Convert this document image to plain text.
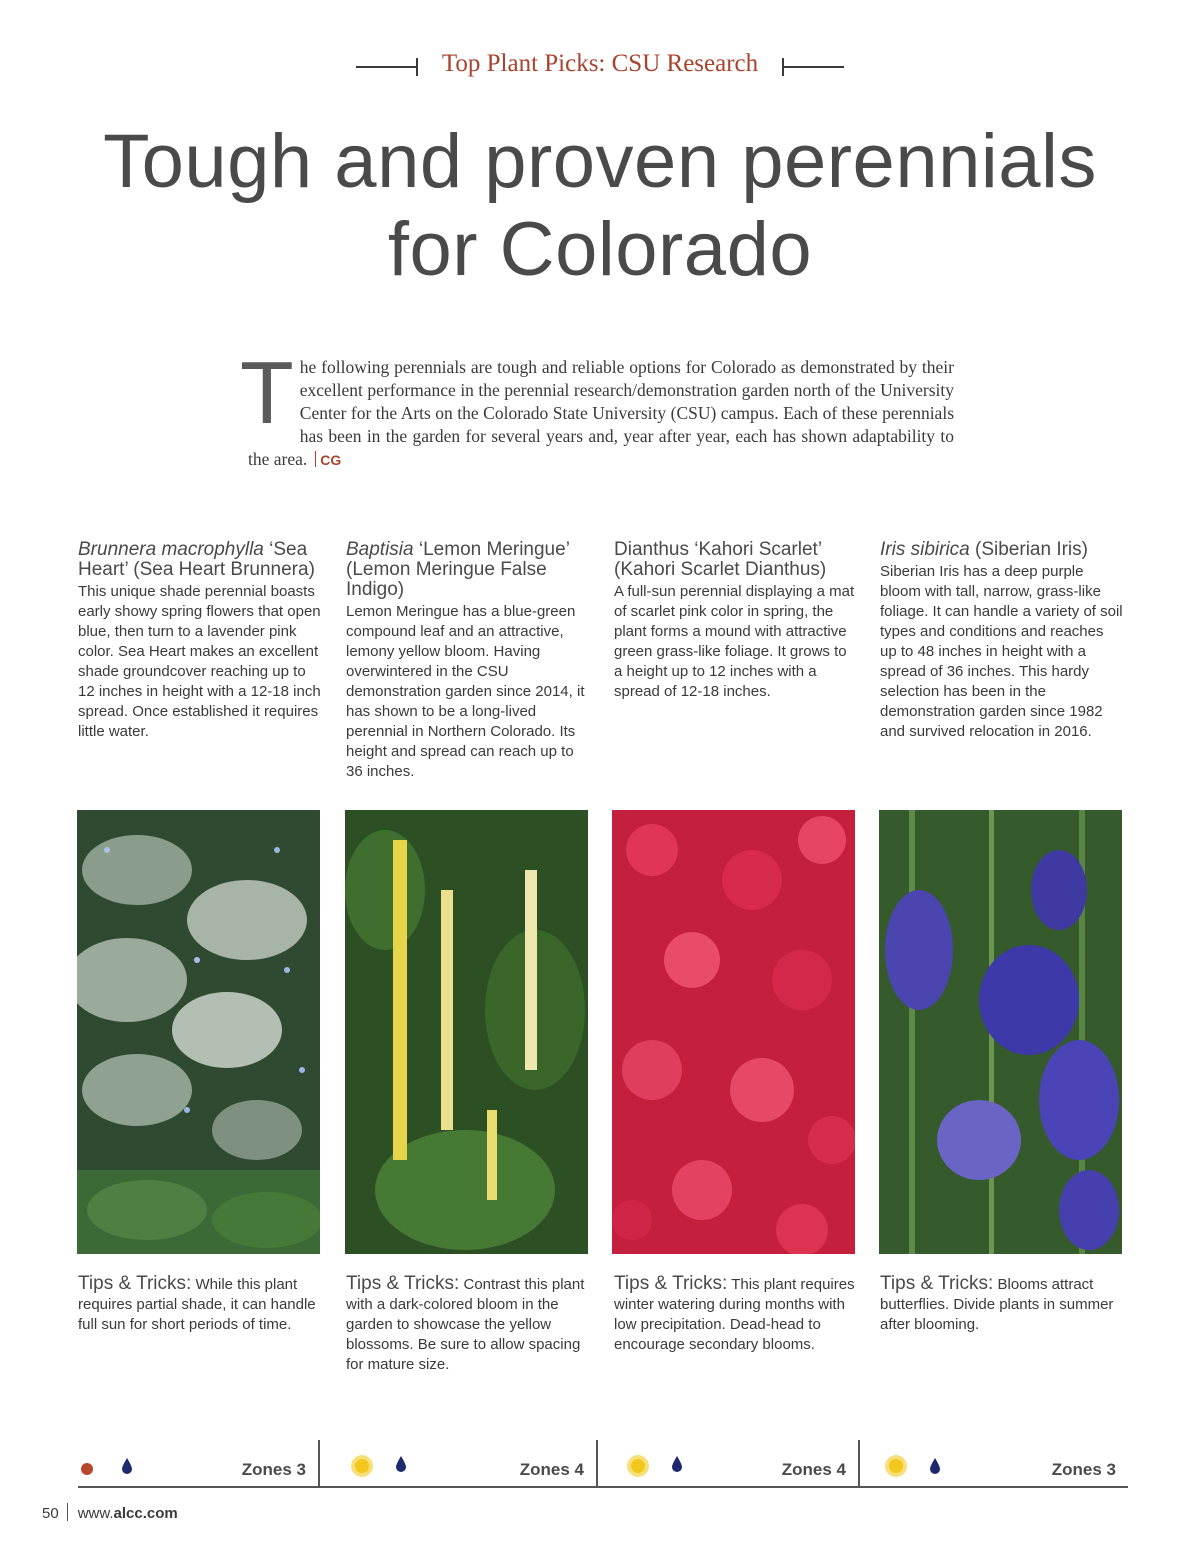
Top Plant Picks: CSU Research
Tough and proven perennials
for Colorado
The following perennials are tough and reliable options for Colorado as demonstrated by their excellent performance in the perennial research/demonstration garden north of the University Center for the Arts on the Colorado State University (CSU) campus. Each of these perennials has been in the garden for several years and, year after year, each has shown adaptability to the area. CG
Brunnera macrophylla ‘Sea Heart’ (Sea Heart Brunnera)

This unique shade perennial boasts early showy spring flowers that open blue, then turn to a lavender pink color. Sea Heart makes an excellent shade groundcover reaching up to 12 inches in height with a 12-18 inch spread. Once established it requires little water.

Baptisia ‘Lemon Meringue’ (Lemon Meringue False Indigo)

Lemon Meringue has a blue-green compound leaf and an attractive, lemony yellow bloom. Having overwintered in the CSU demonstration garden since 2014, it has shown to be a long-lived perennial in Northern Colorado. Its height and spread can reach up to 36 inches.

Dianthus ‘Kahori Scarlet’ (Kahori Scarlet Dianthus)

A full-sun perennial displaying a mat of scarlet pink color in spring, the plant forms a mound with attractive green grass-like foliage. It grows to a height up to 12 inches with a spread of 12-18 inches.

Iris sibirica (Siberian Iris)

Siberian Iris has a deep purple bloom with tall, narrow, grass-like foliage. It can handle a variety of soil types and conditions and reaches up to 48 inches in height with a spread of 36 inches. This hardy selection has been in the demonstration garden since 1982 and survived relocation in 2016.

Tips & Tricks: While this plant requires partial shade, it can handle full sun for short periods of time.
Tips & Tricks: Contrast this plant with a dark-colored bloom in the garden to showcase the yellow blossoms. Be sure to allow spacing for mature size.
Tips & Tricks: This plant requires winter watering during months with low precipitation. Dead-head to encourage secondary blooms.
Tips & Tricks: Blooms attract butterflies. Divide plants in summer after blooming.
Zones 3	Zones 4	Zones 4	Zones 3
50 www.alcc.com
